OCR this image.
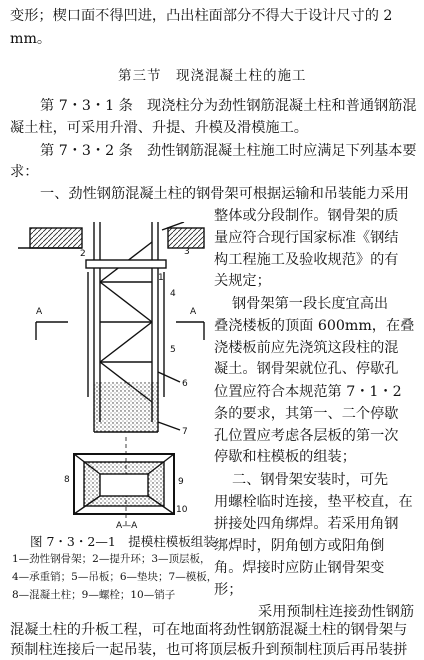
变形；楔口面不得凹进，凸出柱面部分不得大于设计尺寸的 2
mm。
第三节　现浇混凝土柱的施工
第 7・3・1 条　现浇柱分为劲性钢筋混凝土柱和普通钢筋混
凝土柱，可采用升滑、升提、升模及滑模施工。
第 7・3・2 条　劲性钢筋混凝土柱施工时应满足下列基本要
求：
一、劲性钢筋混凝土柱的钢骨架可根据运输和吊装能力采用
整体或分段制作。钢骨架的质
量应符合现行国家标准《钢结
构工程施工及验收规范》的有
关规定；
钢骨架第一段长度宜高出
叠浇楼板的顶面 600mm，在叠
浇楼板前应先浇筑这段柱的混
凝土。钢骨架就位孔、停歇孔
位置应符合本规范第 7・1・2
条的要求，其第一、二个停歇
孔位置应考虑各层板的第一次
停歇和柱模板的组装；
二、钢骨架安装时，可先
用螺栓临时连接，垫平校直，在
拼接处四角绑焊。若采用角钢
绑焊时，阴角刨方或阳角倒
角。焊接时应防止钢骨架变
形；
采用预制柱连接劲性钢筋
混凝土柱的升板工程，可在地面将劲性钢筋混凝土柱的钢骨架与
预制柱连接后一起吊装，也可将顶层板升到预制柱顶后再吊装拼
A	A
1
2	3
4
5
6
7
8	9
10
A—A
图 7・3・2—1　提模柱模板组装
1—劲性钢骨架；2—提升环；3—顶层板，
4—承重销；5—吊板；6—垫块；7—模板，
8—混凝土柱；9—螺栓；10—销子
